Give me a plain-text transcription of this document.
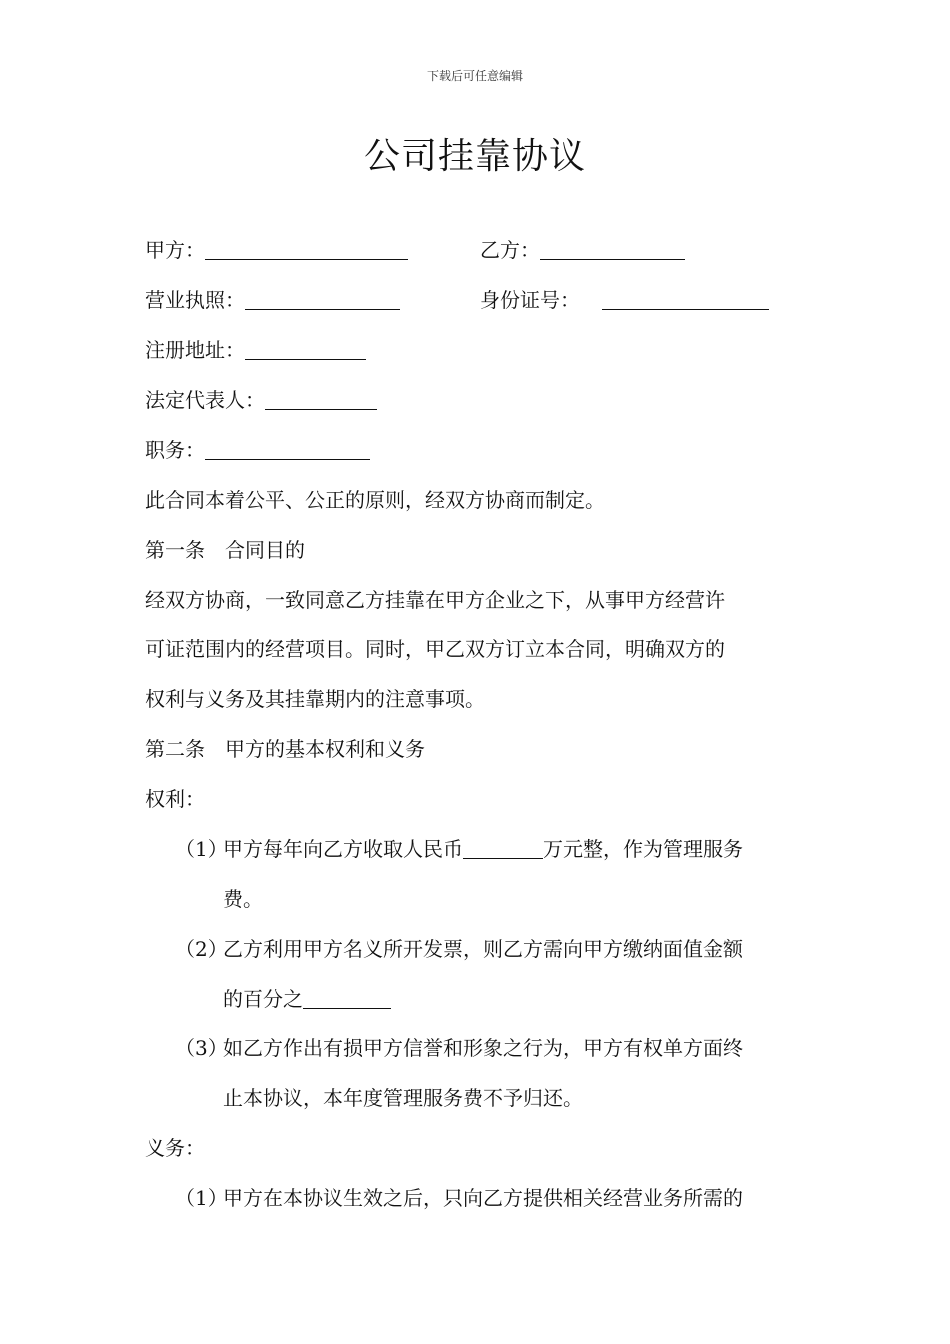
下载后可任意编辑
公司挂靠协议
甲方：	乙方：
营业执照：	身份证号：
注册地址：
法定代表人：
职务：
此合同本着公平、公正的原则，经双方协商而制定。
第一条　合同目的
经双方协商，一致同意乙方挂靠在甲方企业之下，从事甲方经营许
可证范围内的经营项目。同时，甲乙双方订立本合同，明确双方的
权利与义务及其挂靠期内的注意事项。
第二条　甲方的基本权利和义务
权利：
（1）
甲方每年向乙方收取人民币	万元整，作为管理服务
费。
（2）
乙方利用甲方名义所开发票，则乙方需向甲方缴纳面值金额
的百分之
（3）
如乙方作出有损甲方信誉和形象之行为，甲方有权单方面终
止本协议，本年度管理服务费不予归还。
义务：
（1）
甲方在本协议生效之后，只向乙方提供相关经营业务所需的
